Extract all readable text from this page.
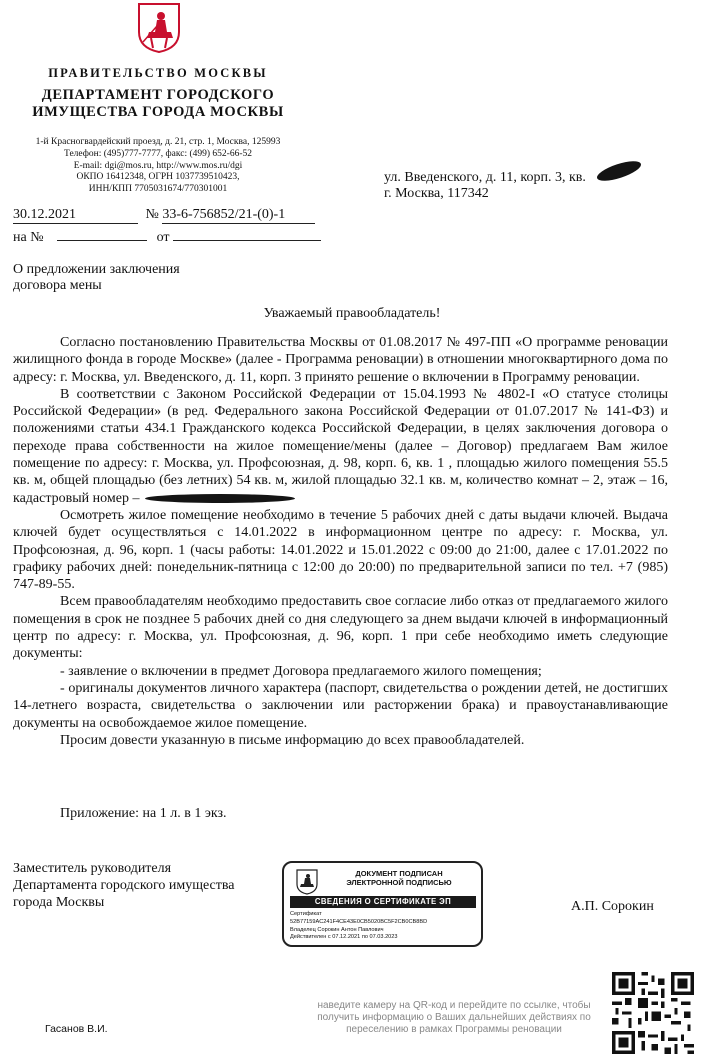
ПРАВИТЕЛЬСТВО МОСКВЫ
ДЕПАРТАМЕНТ ГОРОДСКОГО
ИМУЩЕСТВА ГОРОДА МОСКВЫ
1-й Красногвардейский проезд, д. 21, стр. 1, Москва, 125993
Телефон: (495)777-7777, факс: (499) 652-66-52
E-mail: dgi@mos.ru, http://www.mos.ru/dgi
ОКПО 16412348, ОГРН 1037739510423,
ИНН/КПП 7705031674/770301001
ул. Введенского, д. 11, корп. 3, кв.
г. Москва, 117342
30.12.2021	№ 33-6-756852/21-(0)-1
на №	от
О предложении заключения
договора мены
Уважаемый правообладатель!

Согласно постановлению Правительства Москвы от 01.08.2017 № 497-ПП «О программе реновации жилищного фонда в городе Москве» (далее - Программа реновации) в отношении многоквартирного дома по адресу: г. Москва, ул. Введенского, д. 11, корп. 3 принято решение о включении в Программу реновации.

В соответствии с Законом Российской Федерации от 15.04.1993 № 4802-I «О статусе столицы Российской Федерации» (в ред. Федерального закона Российской Федерации от 01.07.2017 № 141-ФЗ) и положениями статьи 434.1 Гражданского кодекса Российской Федерации, в целях заключения договора о переходе права собственности на жилое помещение/мены (далее – Договор) предлагаем Вам жилое помещение по адресу: г. Москва, ул. Профсоюзная, д. 98, корп. 6, кв. 1 , площадью жилого помещения 55.5 кв. м, общей площадью (без летних) 54 кв. м, жилой площадью 32.1 кв. м, количество комнат – 2, этаж – 16, кадастровый номер –

Осмотреть жилое помещение необходимо в течение 5 рабочих дней с даты выдачи ключей. Выдача ключей будет осуществляться с 14.01.2022 в информационном центре по адресу: г. Москва, ул. Профсоюзная, д. 96, корп. 1 (часы работы: 14.01.2022 и 15.01.2022 с 09:00 до 21:00, далее с 17.01.2022 по графику рабочих дней: понедельник-пятница с 12:00 до 20:00) по предварительной записи по тел. +7 (985) 747-89-55.

Всем правообладателям необходимо предоставить свое согласие либо отказ от предлагаемого жилого помещения в срок не позднее 5 рабочих дней со дня следующего за днем выдачи ключей в информационный центр по адресу: г. Москва, ул. Профсоюзная, д. 96, корп. 1 при себе необходимо иметь следующие документы:

- заявление о включении в предмет Договора предлагаемого жилого помещения;

- оригиналы документов личного характера (паспорт, свидетельства о рождении детей, не достигших 14-летнего возраста, свидетельства о заключении или расторжении брака) и правоустанавливающие документы на освобождаемое жилое помещение.

Просим довести указанную в письме информацию до всех правообладателей.

Приложение: на 1 л. в 1 экз.
Заместитель руководителя
Департамента городского имущества
города Москвы
ДОКУМЕНТ ПОДПИСАН
ЭЛЕКТРОННОЙ ПОДПИСЬЮ
СВЕДЕНИЯ О СЕРТИФИКАТЕ ЭП
Сертификат
52B77159AC241F4CE43E0CB5020BC5F2CB0CB8BD
Владелец Сорокин Антон Павлович
Действителен с 07.12.2021 по 07.03.2023
А.П. Сорокин
наведите камеру на QR-код и перейдите по ссылке, чтобы получить информацию о Ваших дальнейших действиях по переселению в рамках Программы реновации
Гасанов В.И.
